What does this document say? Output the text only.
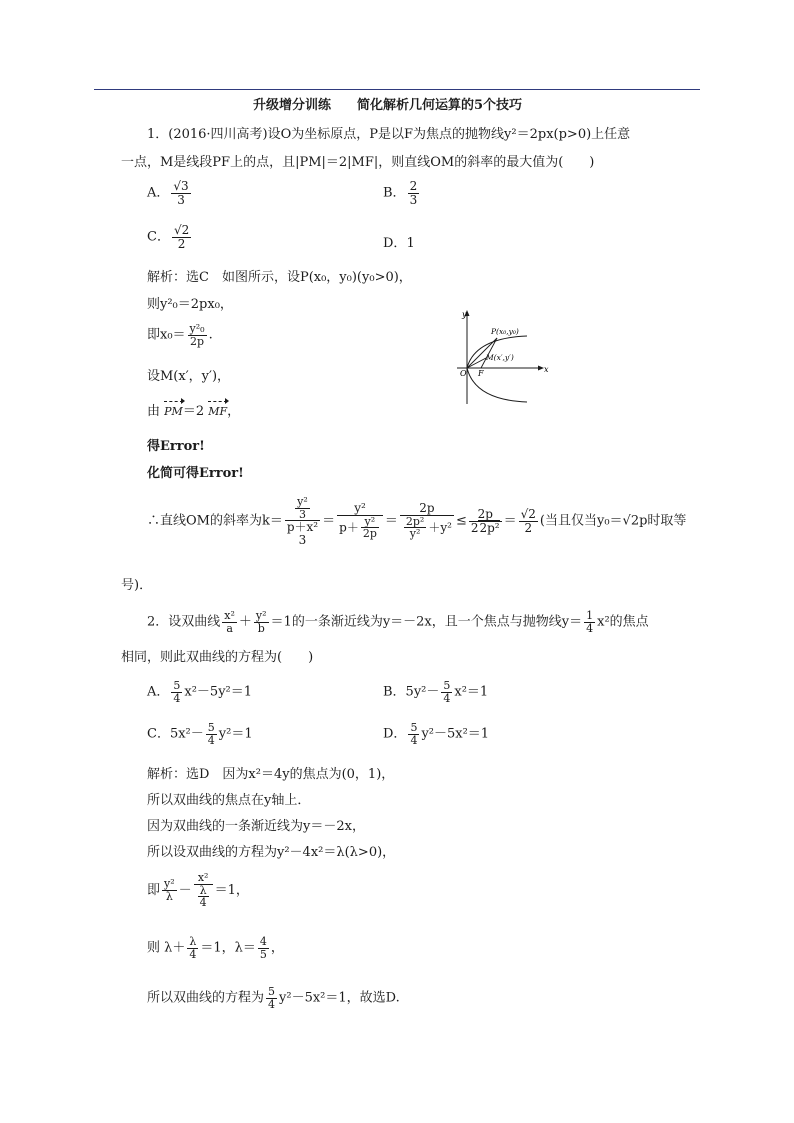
升级增分训练　　简化解析几何运算的5个技巧
1．(2016·四川高考)设O为坐标原点，P是以F为焦点的抛物线y²＝2px(p>0)上任意
一点，M是线段PF上的点，且|PM|＝2|MF|，则直线OM的斜率的最大值为(　　)
A． $\frac{√3}{3}$	B． $\frac{2}{3}$
C． $\frac{√2}{2}$	D．1
解析：选C　如图所示，设P(x₀，y₀)(y₀>0)，
则y²₀＝2px₀，
即$x_0= \frac{\text{y²₀}}{2p}$ .
设M(x′，y′)，
由 PM＝2 MF，
得Error!
化简可得Error!
y
x
O F
P(x₀,y₀)
M(x′,y′)
∴直线OM的斜率为k＝
$\frac{\text{y²}}{3}$
p＋x²
3
＝ $\frac{\text{y²}}{p+ \frac{\text{y²}}{2p}} = \frac{2p}{\frac{\text{2p²}}{\text{y²}} +y^2} \le \frac{2p}{\text{22p²}} = \frac{√2}{2}$ (当且仅当y₀＝√2p时取等
号)．
2．设双曲线 $\frac{\text{x²}}{a} + \frac{\text{y²}}{b} =1$的一条渐近线为y＝－2x，且一个焦点与抛物线$y= \frac{1}{4} x^2$的焦点
相同，则此双曲线的方程为(　　)
A． $\frac{5}{4} x^2-5y^2=1$	B．$5y^2- \frac{5}{4} x^2=1$
C．$5x^2- \frac{5}{4} y^2=1$	D． $\frac{5}{4} y^2-5x^2=1$
解析：选D　因为x²＝4y的焦点为(0，1)，
所以双曲线的焦点在y轴上．
因为双曲线的一条渐近线为y＝－2x，
所以设双曲线的方程为y²－4x²＝λ(λ>0)，
即 $\frac{\text{y²}}{\lambda} - \frac{\text{x²}}{\frac{\lambda}{4}} =1$，
则 $\lambda+ \frac{\lambda}{4} =1$，$\lambda= \frac{4}{5}$ ，
所以双曲线的方程为 $\frac{5}{4} y^2-5x^2=1$，故选D.
